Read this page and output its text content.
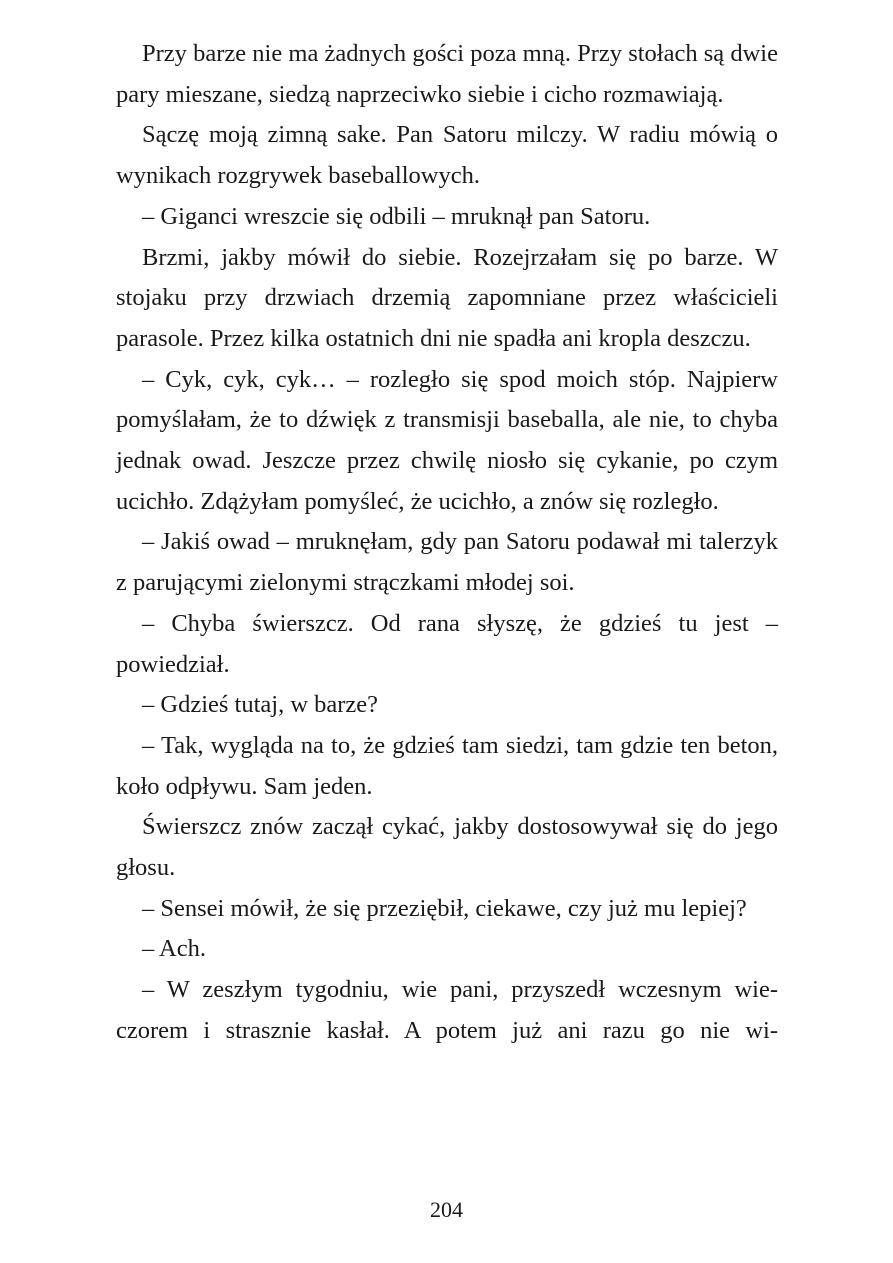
Przy barze nie ma żadnych gości poza mną. Przy stołach są dwie pary mieszane, siedzą naprzeciwko siebie i cicho rozmawiają.

Sączę moją zimną sake. Pan Satoru milczy. W radiu mówią o wynikach rozgrywek baseballowych.

– Giganci wreszcie się odbili – mruknął pan Satoru.

Brzmi, jakby mówił do siebie. Rozejrzałam się po barze. W stojaku przy drzwiach drzemią zapomniane przez właścicieli parasole. Przez kilka ostatnich dni nie spadła ani kropla deszczu.

– Cyk, cyk, cyk… – rozległo się spod moich stóp. Najpierw pomyślałam, że to dźwięk z transmisji baseballa, ale nie, to chyba jednak owad. Jeszcze przez chwilę niosło się cykanie, po czym ucichło. Zdążyłam pomyśleć, że ucichło, a znów się rozległo.

– Jakiś owad – mruknęłam, gdy pan Satoru podawał mi talerzyk z parującymi zielonymi strączkami młodej soi.

– Chyba świerszcz. Od rana słyszę, że gdzieś tu jest – powiedział.

– Gdzieś tutaj, w barze?

– Tak, wygląda na to, że gdzieś tam siedzi, tam gdzie ten beton, koło odpływu. Sam jeden.

Świerszcz znów zaczął cykać, jakby dostosowywał się do jego głosu.

– Sensei mówił, że się przeziębił, ciekawe, czy już mu lepiej?

– Ach.

– W zeszłym tygodniu, wie pani, przyszedł wczesnym wieczorem i strasznie kasłał. A potem już ani razu go nie wi-

204
